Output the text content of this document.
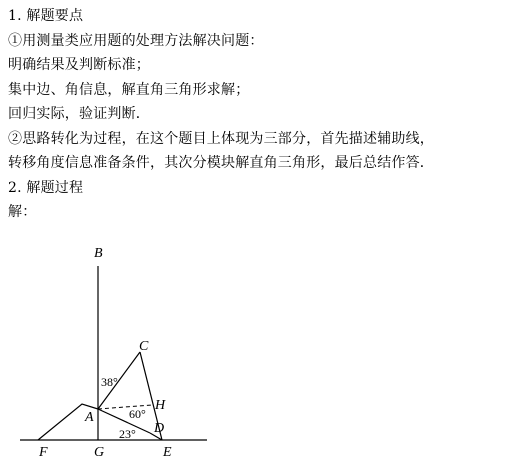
1. 解题要点
①用测量类应用题的处理方法解决问题：
明确结果及判断标准；
集中边、角信息，解直角三角形求解；
回归实际，验证判断．
②思路转化为过程，在这个题目上体现为三部分，首先描述辅助线，
转移角度信息准备条件，其次分模块解直角三角形，最后总结作答．
2. 解题过程
解：
B
C
H
A
D
F	G	E
38°
60°
23°
